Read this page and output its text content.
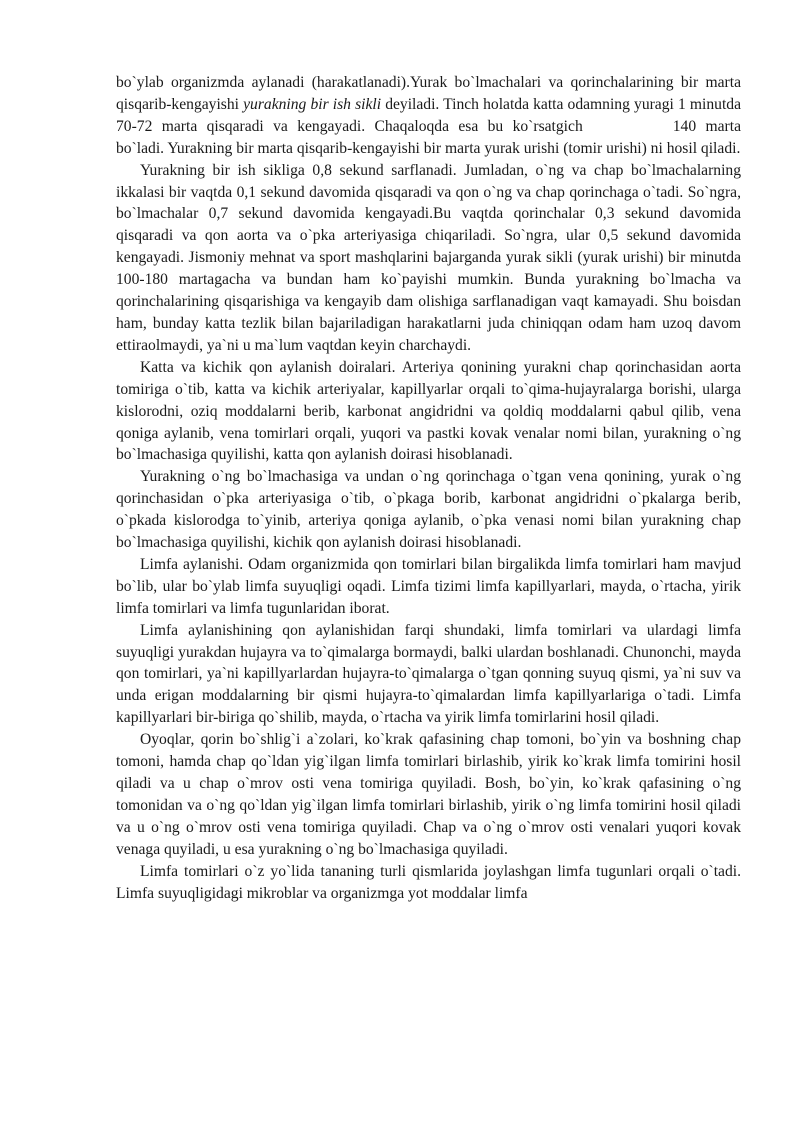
bo`ylab organizmda aylanadi (harakatlanadi).Yurak bo`lmachalari va qorinchalarining bir marta qisqarib-kengayishi yurakning bir ish sikli deyiladi. Tinch holatda katta odamning yuragi 1 minutda 70-72 marta qisqaradi va kengayadi. Chaqaloqda esa bu ko`rsatgich	140 marta bo`ladi. Yurakning bir marta qisqarib-kengayishi bir marta yurak urishi (tomir urishi) ni hosil qiladi.

Yurakning bir ish sikliga 0,8 sekund sarflanadi. Jumladan, o`ng va chap bo`lmachalarning ikkalasi bir vaqtda 0,1 sekund davomida qisqaradi va qon o`ng va chap qorinchaga o`tadi. So`ngra, bo`lmachalar 0,7 sekund davomida kengayadi.Bu vaqtda qorinchalar 0,3 sekund davomida qisqaradi va qon aorta va o`pka arteriyasiga chiqariladi. So`ngra, ular 0,5 sekund davomida kengayadi. Jismoniy mehnat va sport mashqlarini bajarganda yurak sikli (yurak urishi) bir minutda 100-180 martagacha va bundan ham ko`payishi mumkin. Bunda yurakning bo`lmacha va qorinchalarining qisqarishiga va kengayib dam olishiga sarflanadigan vaqt kamayadi. Shu boisdan ham, bunday katta tezlik bilan bajariladigan harakatlarni juda chiniqqan odam ham uzoq davom ettiraolmaydi, ya`ni u ma`lum vaqtdan keyin charchaydi.

Katta va kichik qon aylanish doiralari. Arteriya qonining yurakni chap qorinchasidan aorta tomiriga o`tib, katta va kichik arteriyalar, kapillyarlar orqali to`qima-hujayralarga borishi, ularga kislorodni, oziq moddalarni berib, karbonat angidridni va qoldiq moddalarni qabul qilib, vena qoniga aylanib, vena tomirlari orqali, yuqori va pastki kovak venalar nomi bilan, yurakning o`ng bo`lmachasiga quyilishi, katta qon aylanish doirasi hisoblanadi.

Yurakning o`ng bo`lmachasiga va undan o`ng qorinchaga o`tgan vena qonining, yurak o`ng qorinchasidan o`pka arteriyasiga o`tib, o`pkaga borib, karbonat angidridni o`pkalarga berib, o`pkada kislorodga to`yinib, arteriya qoniga aylanib, o`pka venasi nomi bilan yurakning chap bo`lmachasiga quyilishi, kichik qon aylanish doirasi hisoblanadi.

Limfa aylanishi. Odam organizmida qon tomirlari bilan birgalikda limfa tomirlari ham mavjud bo`lib, ular bo`ylab limfa suyuqligi oqadi. Limfa tizimi limfa kapillyarlari, mayda, o`rtacha, yirik limfa tomirlari va limfa tugunlaridan iborat.

Limfa aylanishining qon aylanishidan farqi shundaki, limfa tomirlari va ulardagi limfa suyuqligi yurakdan hujayra va to`qimalarga bormaydi, balki ulardan boshlanadi. Chunonchi, mayda qon tomirlari, ya`ni kapillyarlardan hujayra-to`qimalarga o`tgan qonning suyuq qismi, ya`ni suv va unda erigan moddalarning bir qismi hujayra-to`qimalardan limfa kapillyarlariga o`tadi. Limfa kapillyarlari bir-biriga qo`shilib, mayda, o`rtacha va yirik limfa tomirlarini hosil qiladi.

Oyoqlar, qorin bo`shlig`i a`zolari, ko`krak qafasining chap tomoni, bo`yin va boshning chap tomoni, hamda chap qo`ldan yig`ilgan limfa tomirlari birlashib, yirik ko`krak limfa tomirini hosil qiladi va u chap o`mrov osti vena tomiriga quyiladi. Bosh, bo`yin, ko`krak qafasining o`ng tomonidan va o`ng qo`ldan yig`ilgan limfa tomirlari birlashib, yirik o`ng limfa tomirini hosil qiladi va u o`ng o`mrov osti vena tomiriga quyiladi. Chap va o`ng o`mrov osti venalari yuqori kovak venaga quyiladi, u esa yurakning o`ng bo`lmachasiga quyiladi.

Limfa tomirlari o`z yo`lida tananing turli qismlarida joylashgan limfa tugunlari orqali o`tadi. Limfa suyuqligidagi mikroblar va organizmga yot moddalar limfa
